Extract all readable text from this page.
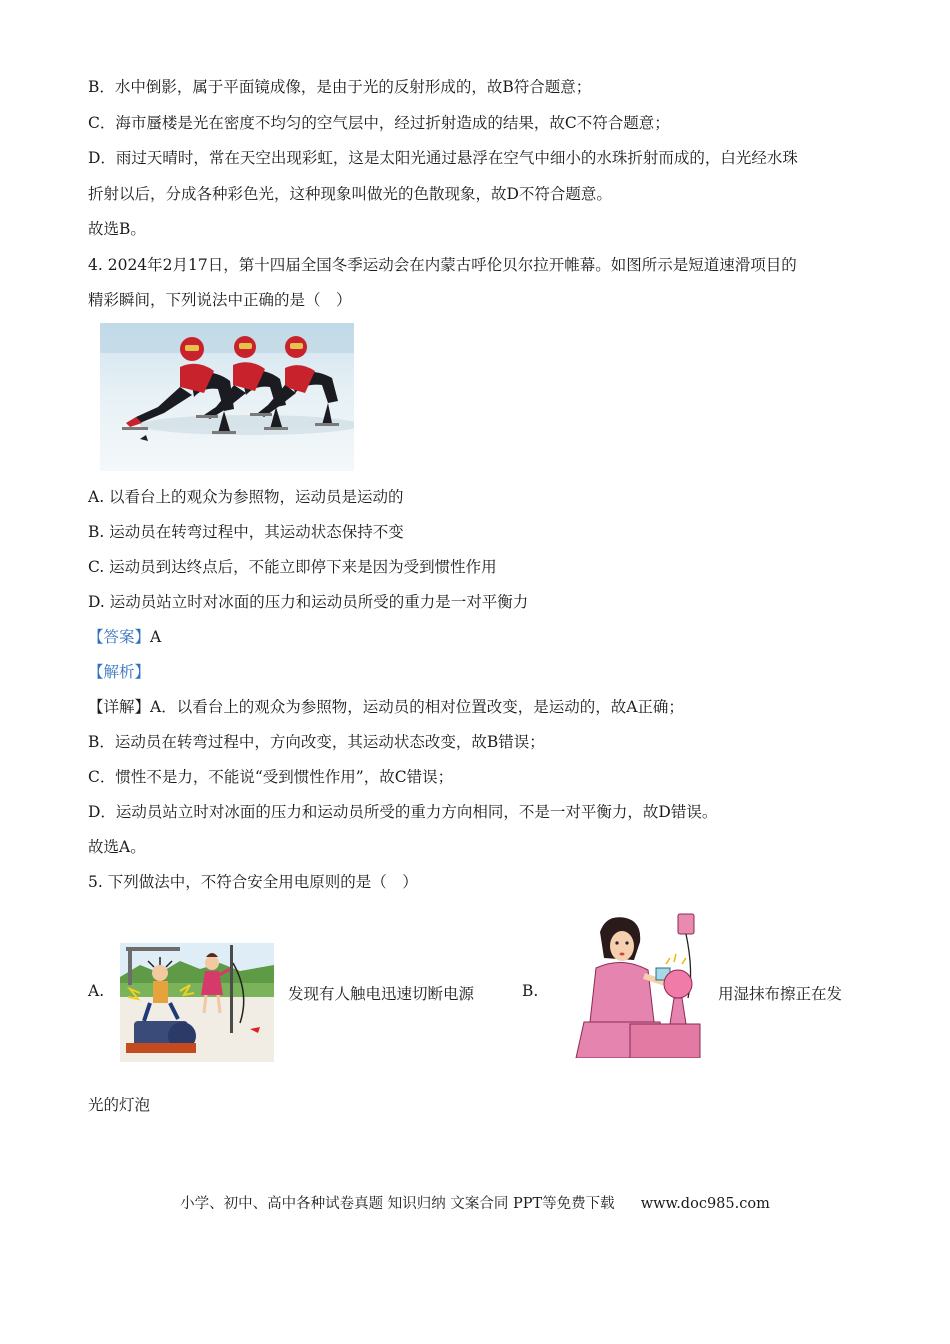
B．水中倒影，属于平面镜成像，是由于光的反射形成的，故B符合题意；
C．海市蜃楼是光在密度不均匀的空气层中，经过折射造成的结果，故C不符合题意；
D．雨过天晴时，常在天空出现彩虹，这是太阳光通过悬浮在空气中细小的水珠折射而成的，白光经水珠
折射以后，分成各种彩色光，这种现象叫做光的色散现象，故D不符合题意。
故选B。
4. 2024年2月17日，第十四届全国冬季运动会在内蒙古呼伦贝尔拉开帷幕。如图所示是短道速滑项目的
精彩瞬间，下列说法中正确的是（　）
A. 以看台上的观众为参照物，运动员是运动的
B. 运动员在转弯过程中，其运动状态保持不变
C. 运动员到达终点后，不能立即停下来是因为受到惯性作用
D. 运动员站立时对冰面的压力和运动员所受的重力是一对平衡力
【答案】A
【解析】
【详解】A．以看台上的观众为参照物，运动员的相对位置改变，是运动的，故A正确；
B．运动员在转弯过程中，方向改变，其运动状态改变，故B错误；
C．惯性不是力，不能说“受到惯性作用”，故C错误；
D．运动员站立时对冰面的压力和运动员所受的重力方向相同，不是一对平衡力，故D错误。
故选A。
5. 下列做法中，不符合安全用电原则的是（　）
A.	发现有人触电迅速切断电源	B.	用湿抹布擦正在发
光的灯泡
小学、初中、高中各种试卷真题 知识归纳 文案合同 PPT等免费下载 www.doc985.com
